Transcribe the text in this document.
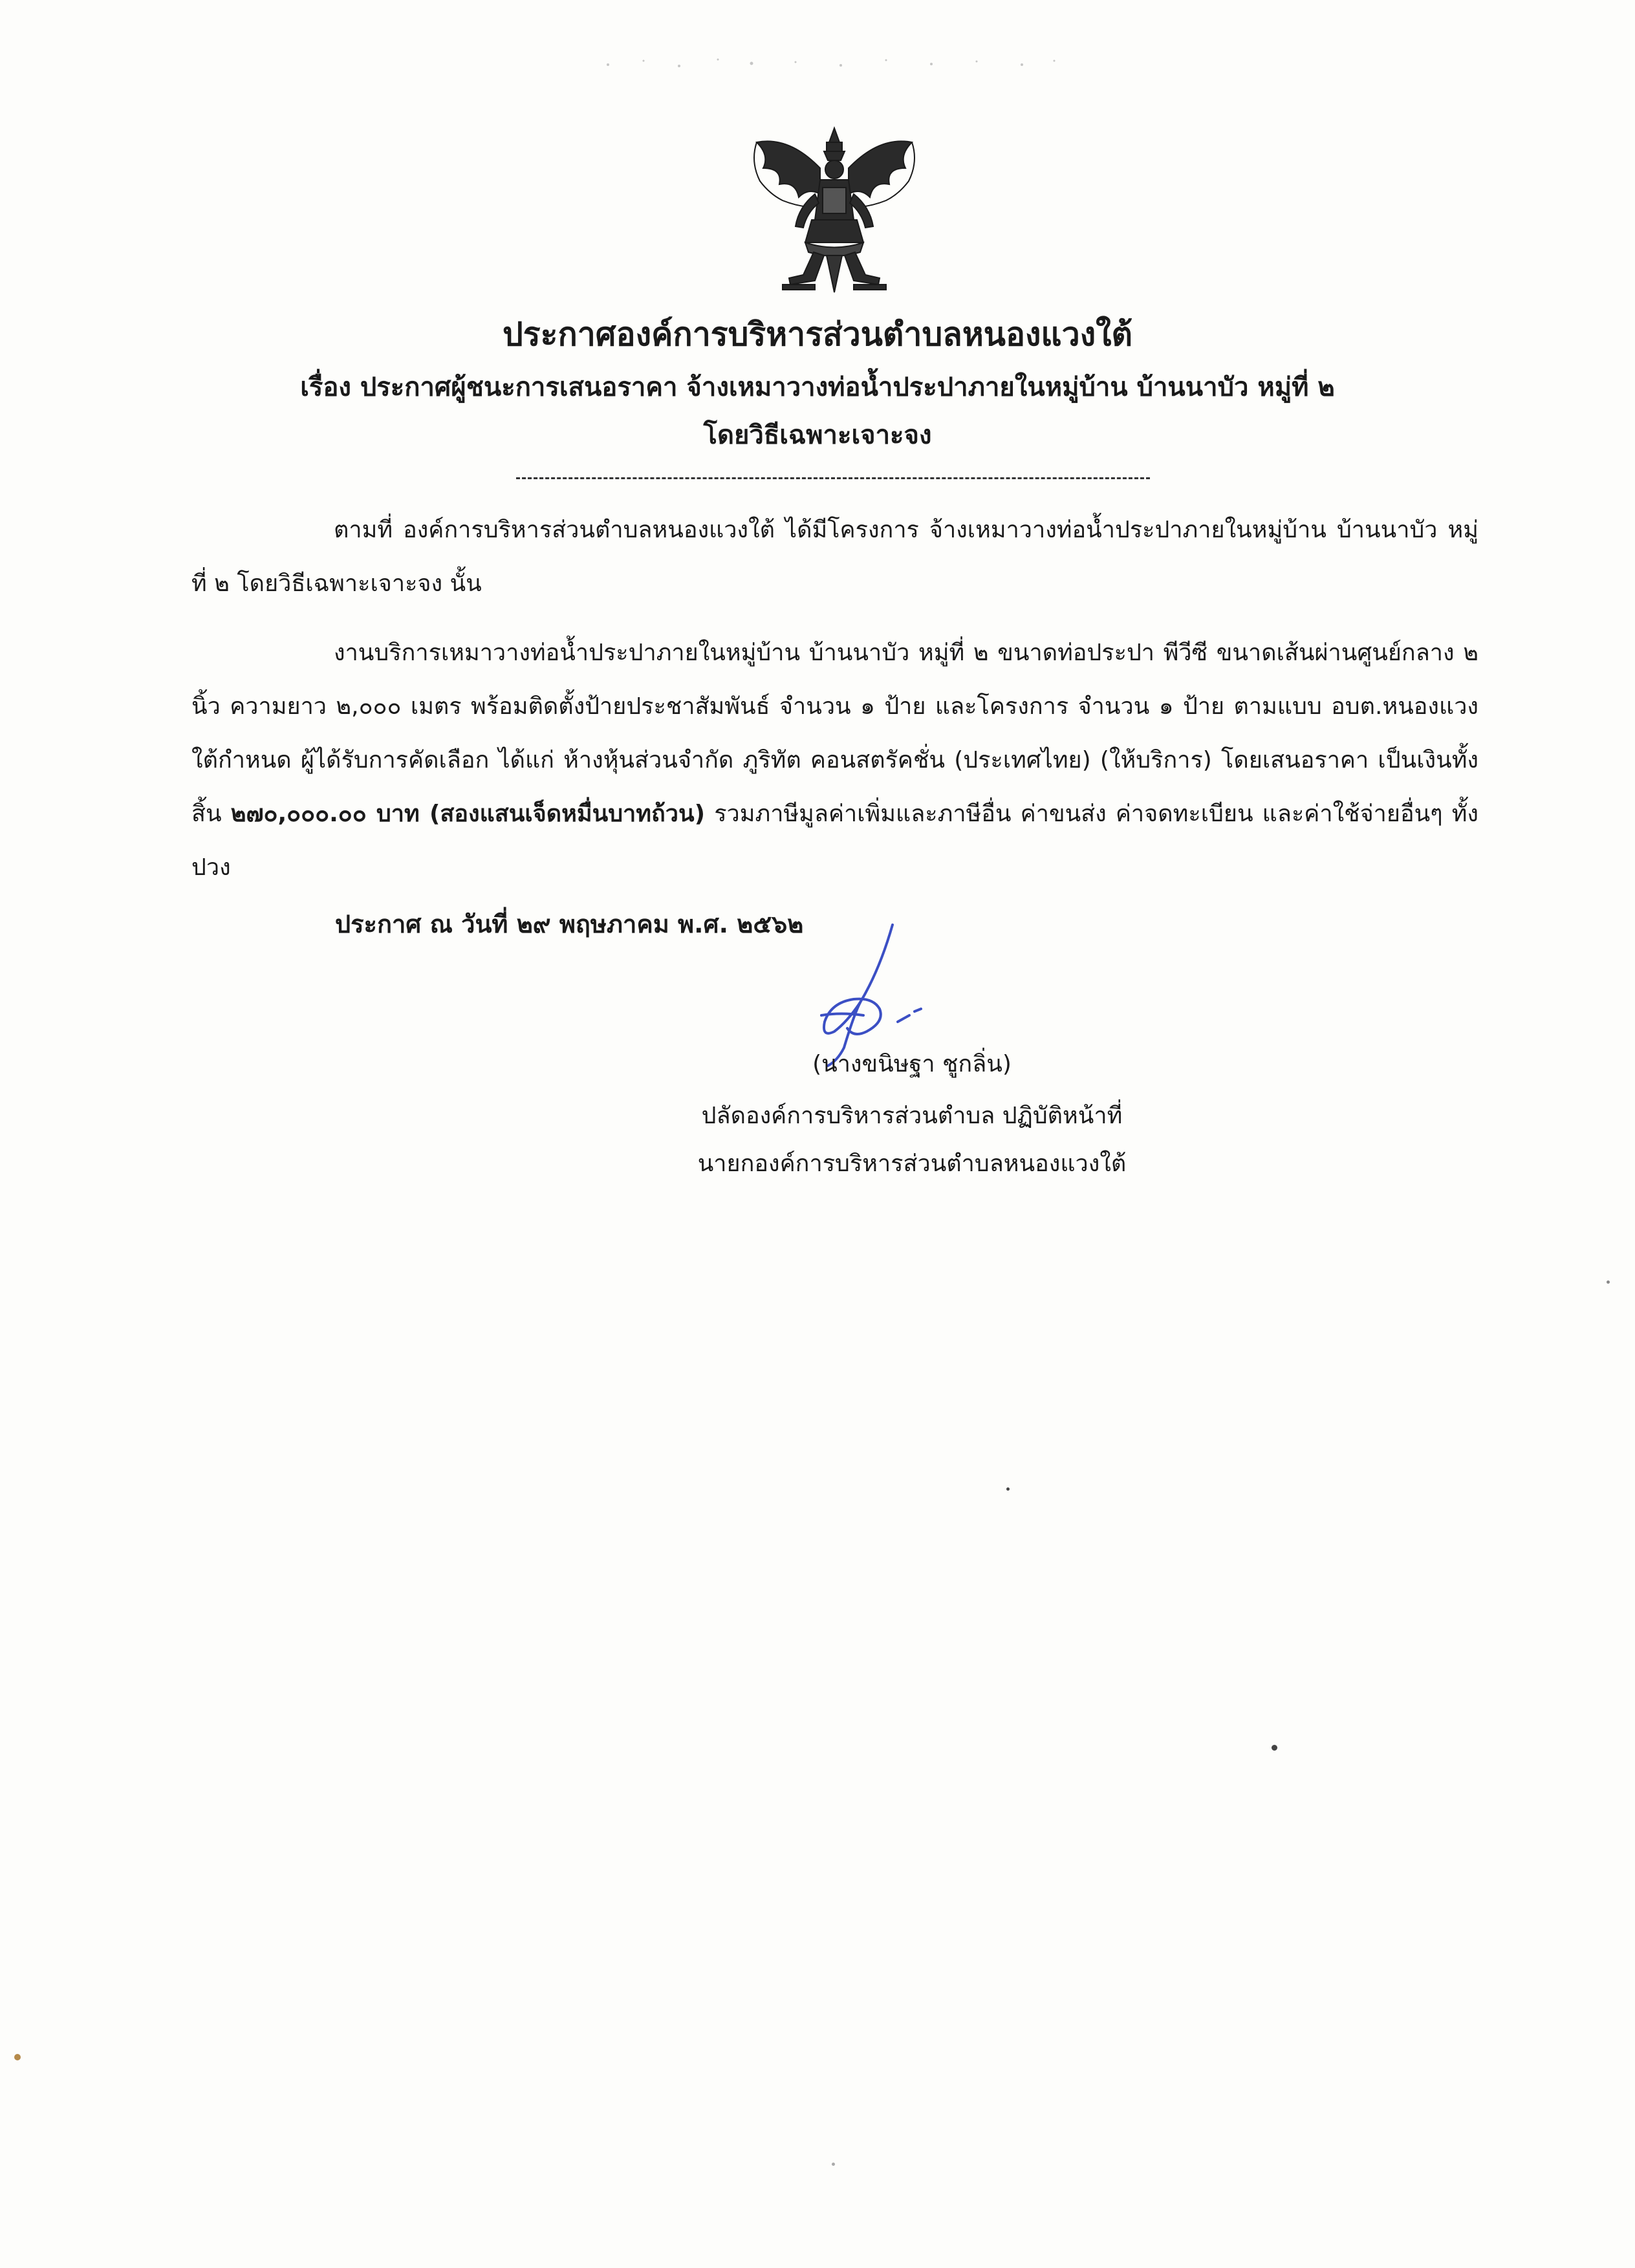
ประกาศองค์การบริหารส่วนตำบลหนองแวงใต้
เรื่อง ประกาศผู้ชนะการเสนอราคา จ้างเหมาวางท่อน้ำประปาภายในหมู่บ้าน บ้านนาบัว หมู่ที่ ๒
โดยวิธีเฉพาะเจาะจง
ตามที่ องค์การบริหารส่วนตำบลหนองแวงใต้ ได้มีโครงการ จ้างเหมาวางท่อน้ำประปาภายในหมู่บ้าน บ้านนาบัว หมู่ที่ ๒ โดยวิธีเฉพาะเจาะจง นั้น
งานบริการเหมาวางท่อน้ำประปาภายในหมู่บ้าน บ้านนาบัว หมู่ที่ ๒ ขนาดท่อประปา พีวีซี ขนาดเส้นผ่านศูนย์กลาง ๒ นิ้ว ความยาว ๒,๐๐๐ เมตร พร้อมติดตั้งป้ายประชาสัมพันธ์ จำนวน ๑ ป้าย และโครงการ จำนวน ๑ ป้าย ตามแบบ อบต.หนองแวงใต้กำหนด ผู้ได้รับการคัดเลือก ได้แก่ ห้างหุ้นส่วนจำกัด ภูริทัต คอนสตรัคชั่น (ประเทศไทย) (ให้บริการ) โดยเสนอราคา เป็นเงินทั้งสิ้น ๒๗๐,๐๐๐.๐๐ บาท (สองแสนเจ็ดหมื่นบาทถ้วน) รวมภาษีมูลค่าเพิ่มและภาษีอื่น ค่าขนส่ง ค่าจดทะเบียน และค่าใช้จ่ายอื่นๆ ทั้งปวง
ประกาศ ณ วันที่ ๒๙ พฤษภาคม พ.ศ. ๒๕๖๒
(นางขนิษฐา ชูกลิ่น)
ปลัดองค์การบริหารส่วนตำบล ปฏิบัติหน้าที่
นายกองค์การบริหารส่วนตำบลหนองแวงใต้
